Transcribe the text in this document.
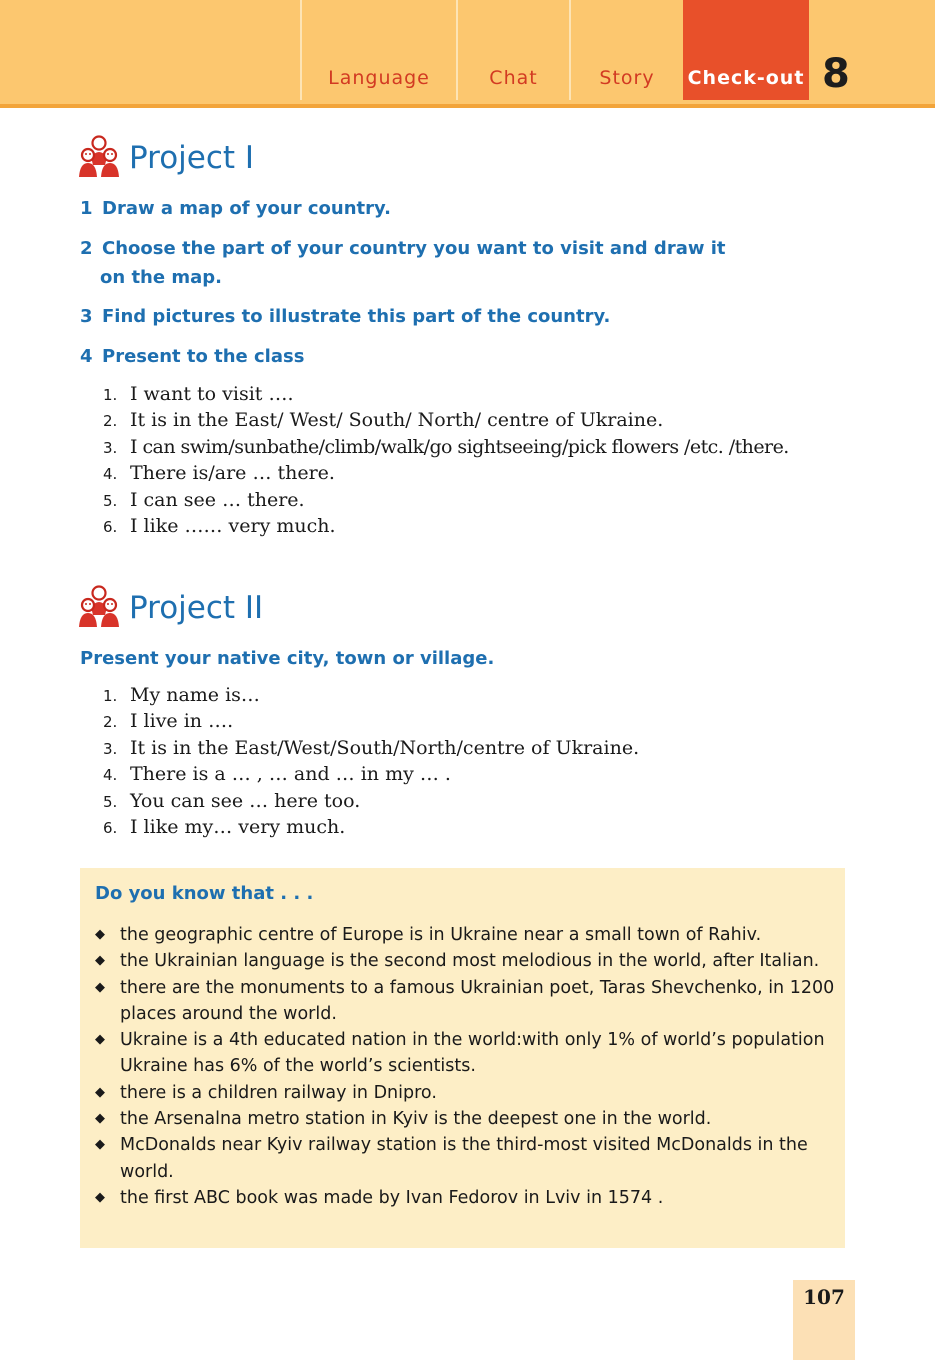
Language	Chat	Story Check-out 8
Project I
1 Draw a map of your country.
2 Choose the part of your country you want to visit and draw it
on the map.
3 Find pictures to illustrate this part of the country.
4 Present to the class
1. I want to visit ….
2. It is in the East/ West/ South/ North/ centre of Ukraine.
3. I can swim/sunbathe/climb/walk/go sightseeing/pick flowers /etc. /there.
4. There is/are … there.
5. I can see … there.
6. I like …… very much.
Project II
Present your native city, town or village.
1. My name is…
2. I live in ….
3. It is in the East/West/South/North/centre of Ukraine.
4. There is a … , … and … in my … .
5. You can see … here too.
6. I like my… very much.
Do you know that . . .
◆ the geographic centre of Europe is in Ukraine near a small town of Rahiv.
◆ the Ukrainian language is the second most melodious in the world, after Italian.
◆ there are the monuments to a famous Ukrainian poet, Taras Shevchenko, in 1200 places around the world.
◆ Ukraine is a 4th educated nation in the world:with only 1% of world’s population Ukraine has 6% of the world’s scientists.
◆ there is a children railway in Dnipro.
◆ the Arsenalna metro station in Kyiv is the deepest one in the world.
◆ McDonalds near Kyiv railway station is the third-most visited McDonalds in the world.
◆ the first ABC book was made by Ivan Fedorov in Lviv in 1574 .
107
